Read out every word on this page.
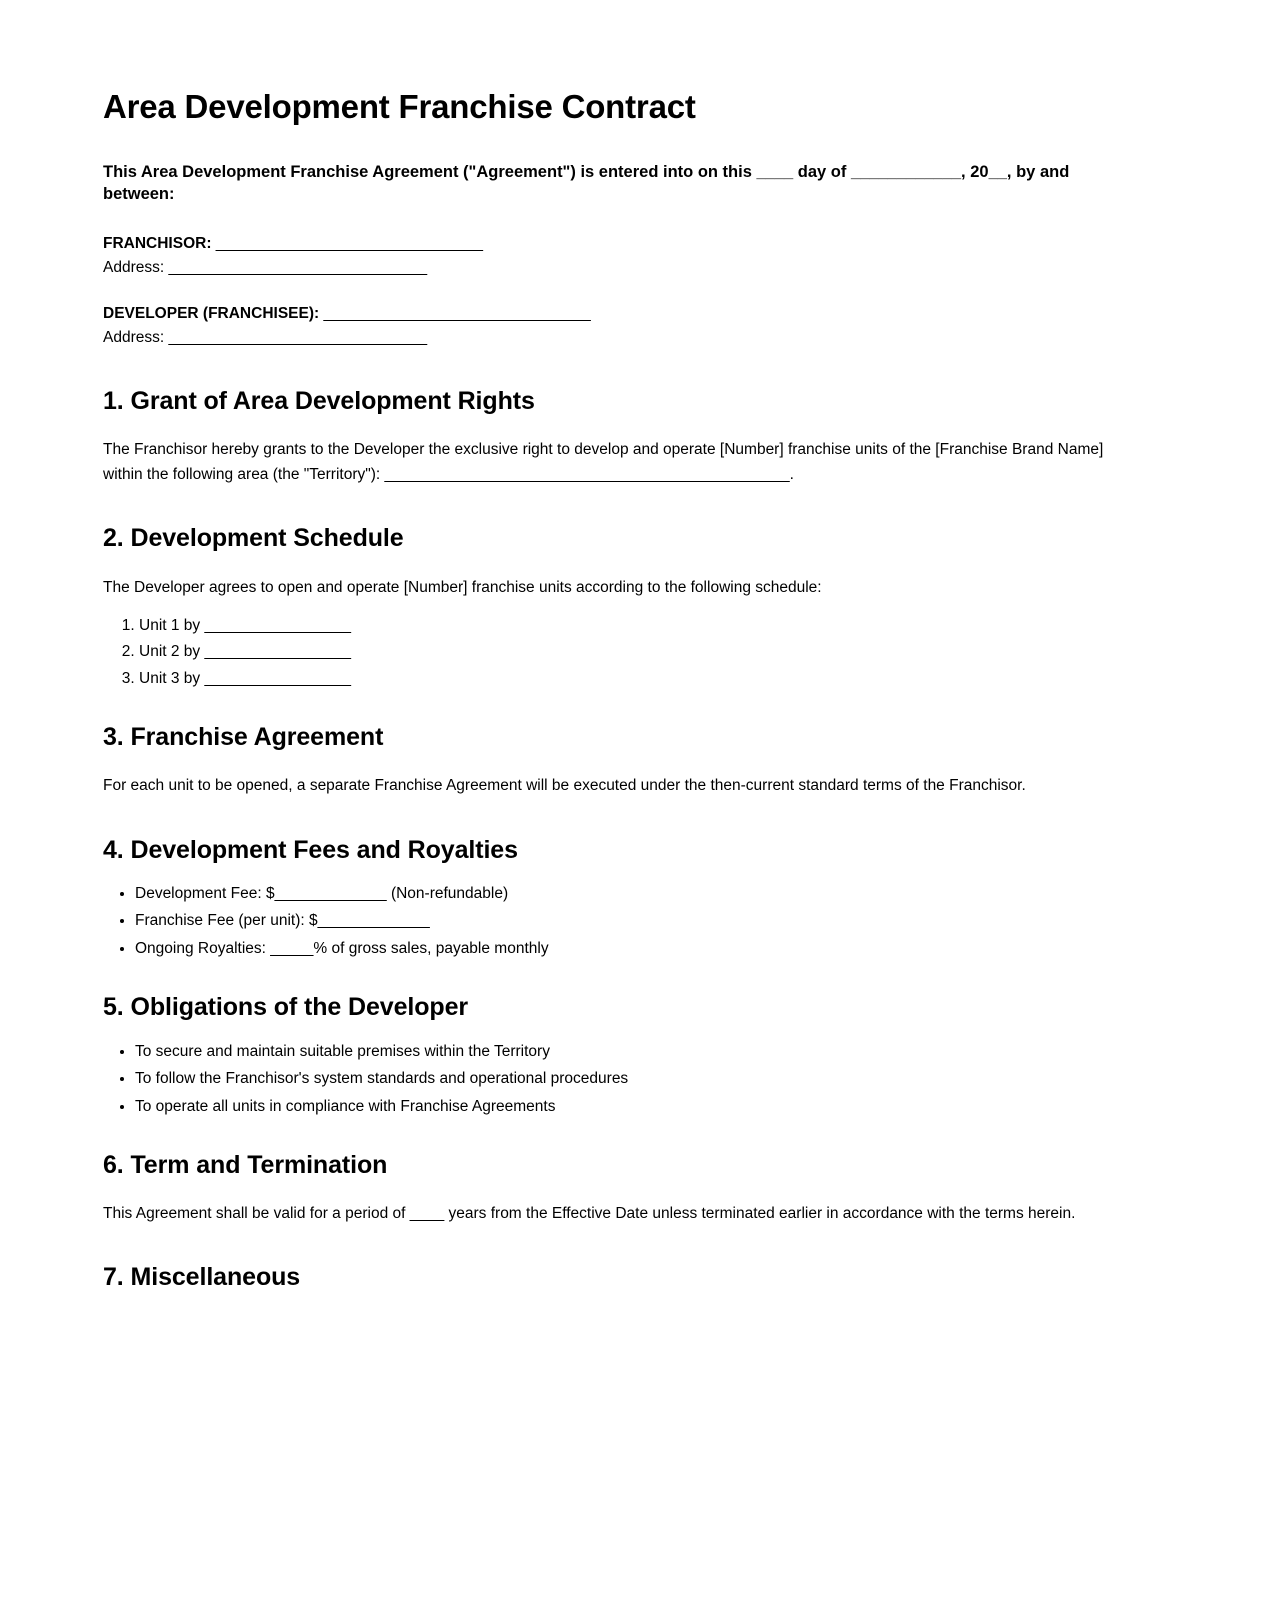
Area Development Franchise Contract

This Area Development Franchise Agreement ("Agreement") is entered into on this ____ day of ____________, 20__, by and between:

FRANCHISOR: _______________________________

Address: ______________________________

DEVELOPER (FRANCHISEE): _______________________________

Address: ______________________________

1. Grant of Area Development Rights

The Franchisor hereby grants to the Developer the exclusive right to develop and operate [Number] franchise units of the [Franchise Brand Name] within the following area (the "Territory"): _______________________________________________.

2. Development Schedule

The Developer agrees to open and operate [Number] franchise units according to the following schedule:

1. Unit 1 by _________________
2. Unit 2 by _________________
3. Unit 3 by _________________
3. Franchise Agreement

For each unit to be opened, a separate Franchise Agreement will be executed under the then-current standard terms of the Franchisor.

4. Development Fees and Royalties
• Development Fee: $_____________ (Non-refundable)
• Franchise Fee (per unit): $_____________
• Ongoing Royalties: _____% of gross sales, payable monthly
5. Obligations of the Developer
• To secure and maintain suitable premises within the Territory
• To follow the Franchisor's system standards and operational procedures
• To operate all units in compliance with Franchise Agreements
6. Term and Termination

This Agreement shall be valid for a period of ____ years from the Effective Date unless terminated earlier in accordance with the terms herein.

7. Miscellaneous
